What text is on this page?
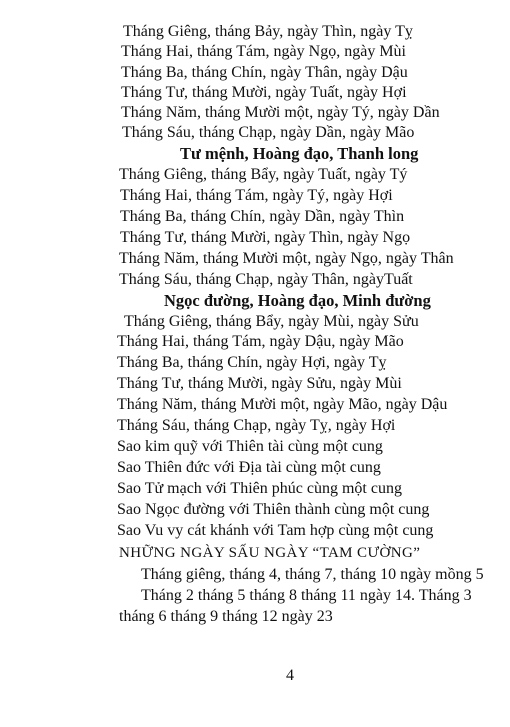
Tháng Giêng, tháng Bảy, ngày Thìn, ngày Tỵ
Tháng Hai, tháng Tám, ngày Ngọ, ngày Mùi
Tháng Ba, tháng Chín, ngày Thân, ngày Dậu
Tháng Tư, tháng Mười, ngày Tuất, ngày Hợi
Tháng Năm, tháng Mười một, ngày Tý, ngày Dần
Tháng Sáu, tháng Chạp, ngày Dần, ngày Mão
Tư mệnh, Hoàng đạo, Thanh long
Tháng Giêng, tháng Bẩy, ngày Tuất, ngày Tý
Tháng Hai, tháng Tám, ngày Tý, ngày Hợi
Tháng Ba, tháng Chín, ngày Dần, ngày Thìn
Tháng Tư, tháng Mười, ngày Thìn, ngày Ngọ
Tháng Năm, tháng Mười một, ngày Ngọ, ngày Thân
Tháng Sáu, tháng Chạp, ngày Thân, ngàyTuất
Ngọc đường, Hoàng đạo, Minh đường
Tháng Giêng, tháng Bẩy, ngày Mùi, ngày Sửu
Tháng Hai, tháng Tám, ngày Dậu, ngày Mão
Tháng Ba, tháng Chín, ngày Hợi, ngày Tỵ
Tháng Tư, tháng Mười, ngày Sửu, ngày Mùi
Tháng Năm, tháng Mười một, ngày Mão, ngày Dậu
Tháng Sáu, tháng Chạp, ngày Tỵ, ngày Hợi
Sao kim quỹ với Thiên tài cùng một cung
Sao Thiên đức với Địa tài cùng một cung
Sao Tử mạch với Thiên phúc cùng một cung
Sao Ngọc đường với Thiên thành cùng một cung
Sao Vu vy cát khánh với Tam hợp cùng một cung
NHỮNG NGÀY SẤU NGÀY “TAM CƯỜNG”
Tháng giêng, tháng 4, tháng 7, tháng 10 ngày mồng 5
Tháng 2 tháng 5 tháng 8 tháng 11 ngày 14. Tháng 3
tháng 6 tháng 9 tháng 12 ngày 23
4
